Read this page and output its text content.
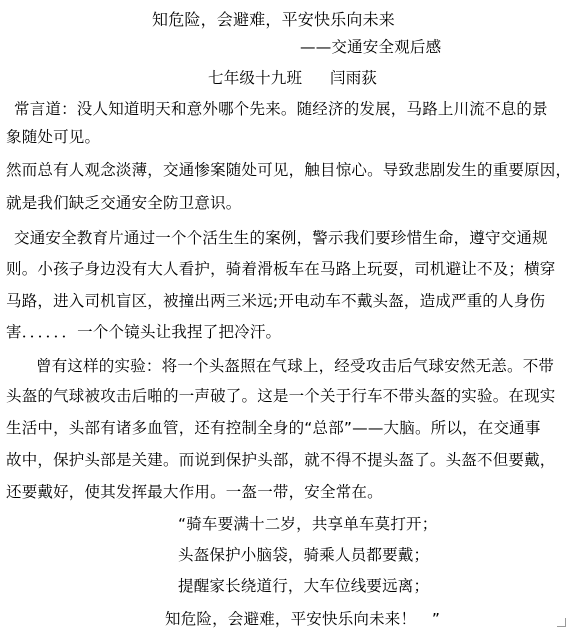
知危险，会避难，平安快乐向未来
——交通安全观后感
七年级十九班 闫雨荻
常言道：没人知道明天和意外哪个先来。随经济的发展，马路上川流不息的景
象随处可见。
然而总有人观念淡薄，交通惨案随处可见，触目惊心。导致悲剧发生的重要原因，
就是我们缺乏交通安全防卫意识。
交通安全教育片通过一个个活生生的案例，警示我们要珍惜生命，遵守交通规
则。小孩子身边没有大人看护，骑着滑板车在马路上玩耍，司机避让不及；横穿
马路，进入司机盲区，被撞出两三米远;开电动车不戴头盔，造成严重的人身伤
害．．．．．．一个个镜头让我捏了把冷汗。
曾有这样的实验：将一个头盔照在气球上，经受攻击后气球安然无恙。不带
头盔的气球被攻击后啪的一声破了。这是一个关于行车不带头盔的实验。在现实
生活中，头部有诸多血管，还有控制全身的“总部”——大脑。所以，在交通事
故中，保护头部是关建。而说到保护头部，就不得不提头盔了。头盔不但要戴，
还要戴好，使其发挥最大作用。一盔一带，安全常在。
“骑车要满十二岁，共享单车莫打开；
头盔保护小脑袋，骑乘人员都要戴；
提醒家长绕道行，大车位线要远离；
知危险，会避难，平安快乐向未来！　”
